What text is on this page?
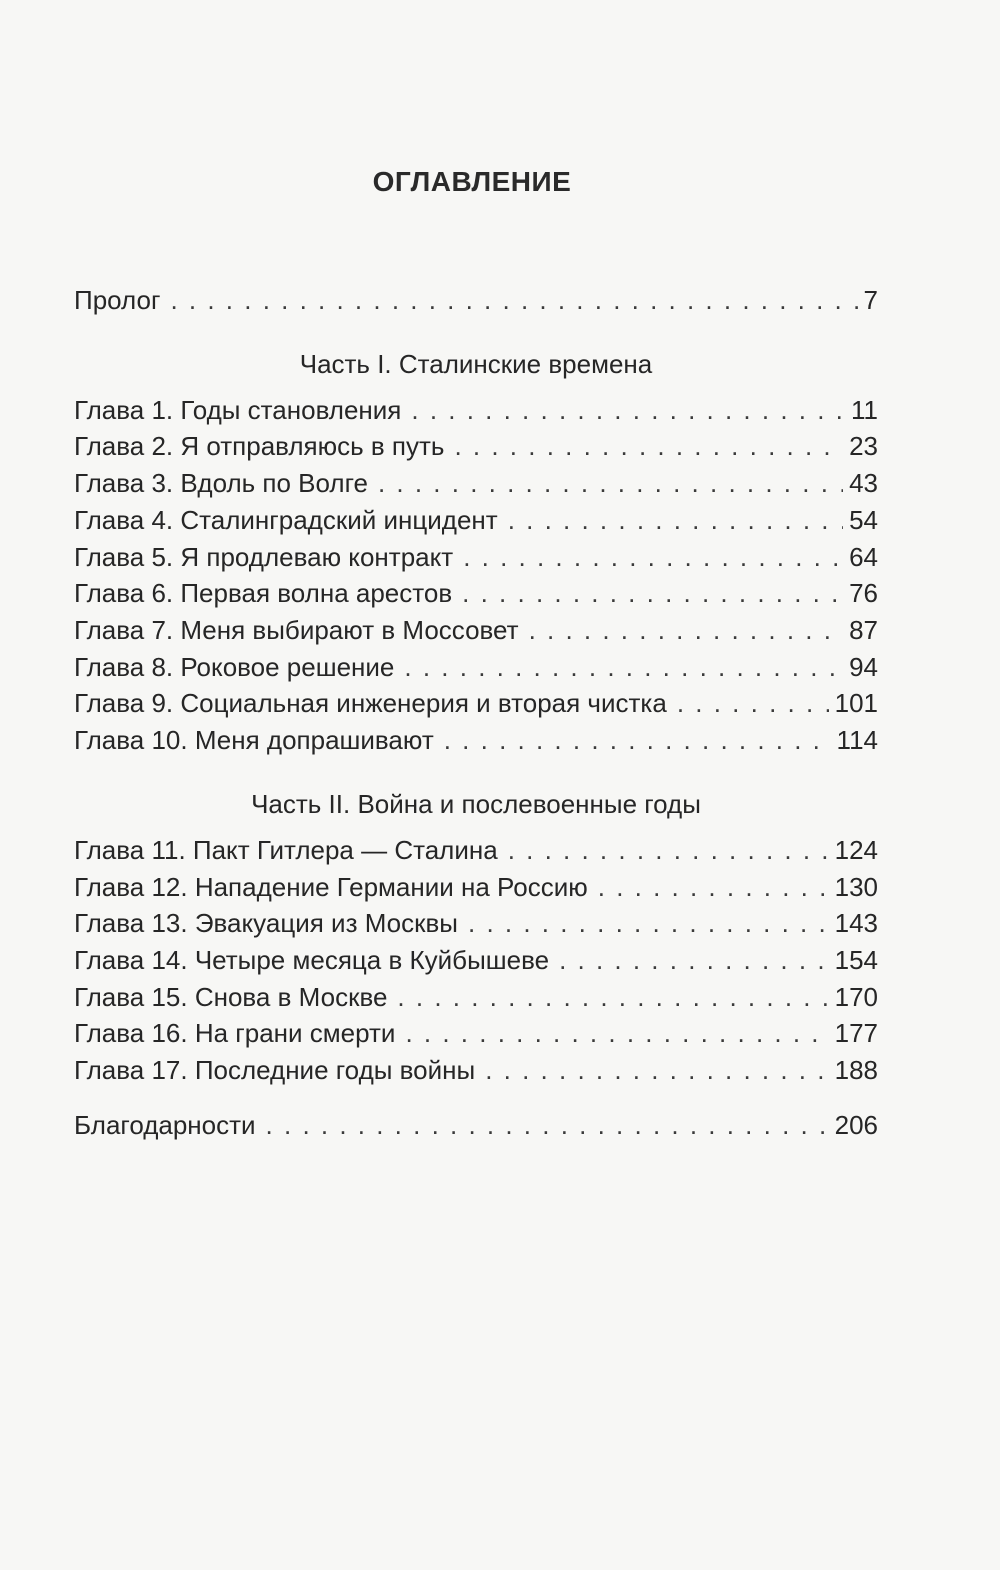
ОГЛАВЛЕНИЕ
Пролог . . .	7
Часть I. Сталинские времена
Глава 1. Годы становления . . .	11
Глава 2. Я отправляюсь в путь . . .	23
Глава 3. Вдоль по Волге . . .	43
Глава 4. Сталинградский инцидент . . .	54
Глава 5. Я продлеваю контракт . . .	64
Глава 6. Первая волна арестов . . .	76
Глава 7. Меня выбирают в Моссовет . . .	87
Глава 8. Роковое решение . . .	94
Глава 9. Социальная инженерия и вторая чистка . . .	101
Глава 10. Меня допрашивают . . .	114
Часть II. Война и послевоенные годы
Глава 11. Пакт Гитлера — Сталина . . .	124
Глава 12. Нападение Германии на Россию . . .	130
Глава 13. Эвакуация из Москвы . . .	143
Глава 14. Четыре месяца в Куйбышеве . . .	154
Глава 15. Снова в Москве . . .	170
Глава 16. На грани смерти . . .	177
Глава 17. Последние годы войны . . .	188
Благодарности . . .	206
